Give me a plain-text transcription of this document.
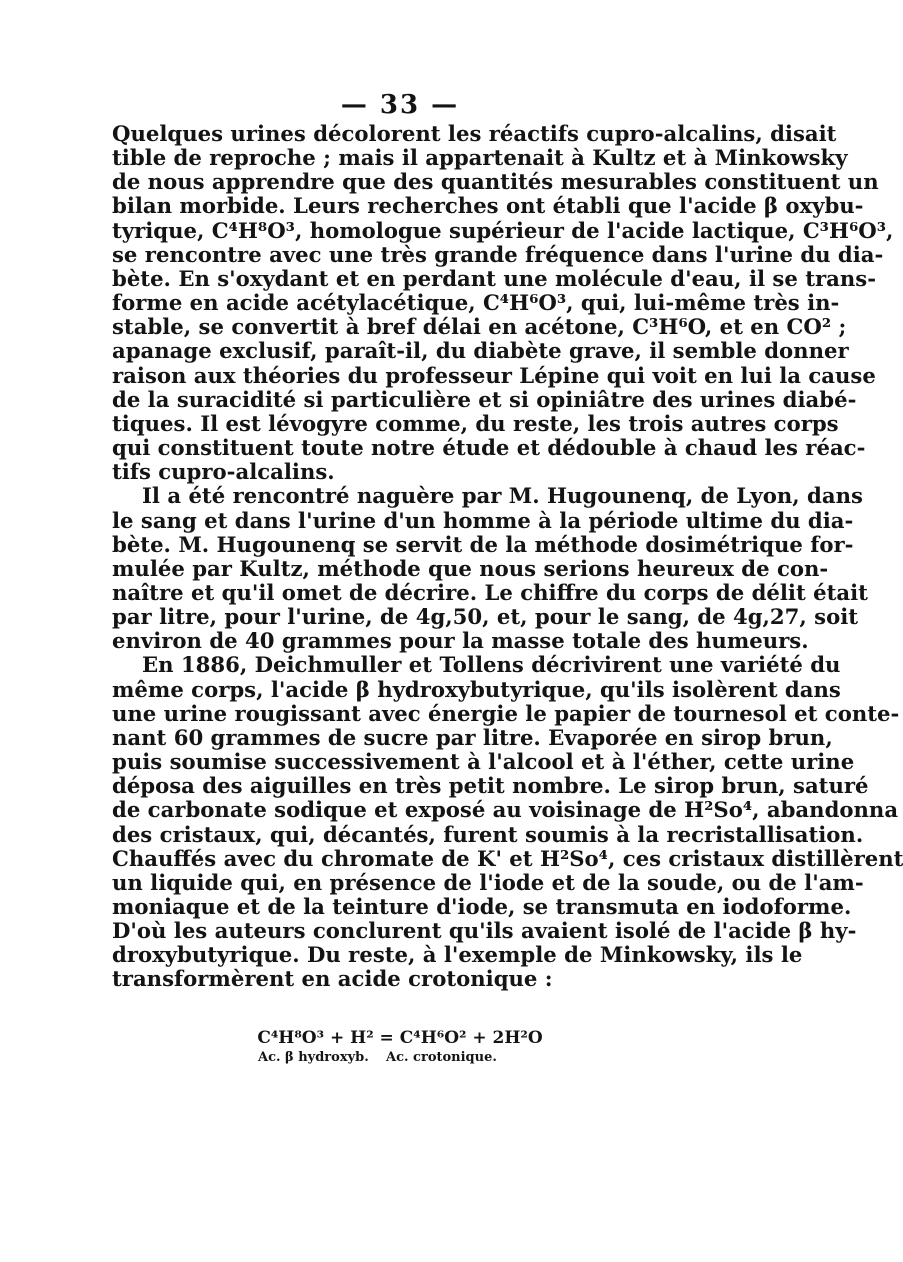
— 33 —
Quelques urines décolorent les réactifs cupro-alcalins, disait
tible de reproche ; mais il appartenait à Kultz et à Minkowsky
de nous apprendre que des quantités mesurables constituent un
bilan morbide. Leurs recherches ont établi que l'acide β oxybu-
tyrique, C⁴H⁸O³, homologue supérieur de l'acide lactique, C³H⁶O³,
se rencontre avec une très grande fréquence dans l'urine du dia-
bète. En s'oxydant et en perdant une molécule d'eau, il se trans-
forme en acide acétylacétique, C⁴H⁶O³, qui, lui-même très in-
stable, se convertit à bref délai en acétone, C³H⁶O, et en CO² ;
apanage exclusif, paraît-il, du diabète grave, il semble donner
raison aux théories du professeur Lépine qui voit en lui la cause
de la suracidité si particulière et si opiniâtre des urines diabé-
tiques. Il est lévogyre comme, du reste, les trois autres corps
qui constituent toute notre étude et dédouble à chaud les réac-
tifs cupro-alcalins.
Il a été rencontré naguère par M. Hugounenq, de Lyon, dans
le sang et dans l'urine d'un homme à la période ultime du dia-
bète. M. Hugounenq se servit de la méthode dosimétrique for-
mulée par Kultz, méthode que nous serions heureux de con-
naître et qu'il omet de décrire. Le chiffre du corps de délit était
par litre, pour l'urine, de 4g,50, et, pour le sang, de 4g,27, soit
environ de 40 grammes pour la masse totale des humeurs.
En 1886, Deichmuller et Tollens décrivirent une variété du
même corps, l'acide β hydroxybutyrique, qu'ils isolèrent dans
une urine rougissant avec énergie le papier de tournesol et conte-
nant 60 grammes de sucre par litre. Evaporée en sirop brun,
puis soumise successivement à l'alcool et à l'éther, cette urine
déposa des aiguilles en très petit nombre. Le sirop brun, saturé
de carbonate sodique et exposé au voisinage de H²So⁴, abandonna
des cristaux, qui, décantés, furent soumis à la recristallisation.
Chauffés avec du chromate de K' et H²So⁴, ces cristaux distillèrent
un liquide qui, en présence de l'iode et de la soude, ou de l'am-
moniaque et de la teinture d'iode, se transmuta en iodoforme.
D'où les auteurs conclurent qu'ils avaient isolé de l'acide β hy-
droxybutyrique. Du reste, à l'exemple de Minkowsky, ils le
transformèrent en acide crotonique :
C⁴H⁸O³ + H² = C⁴H⁶O² + 2H²O
Ac. β hydroxyb. Ac. crotonique.
